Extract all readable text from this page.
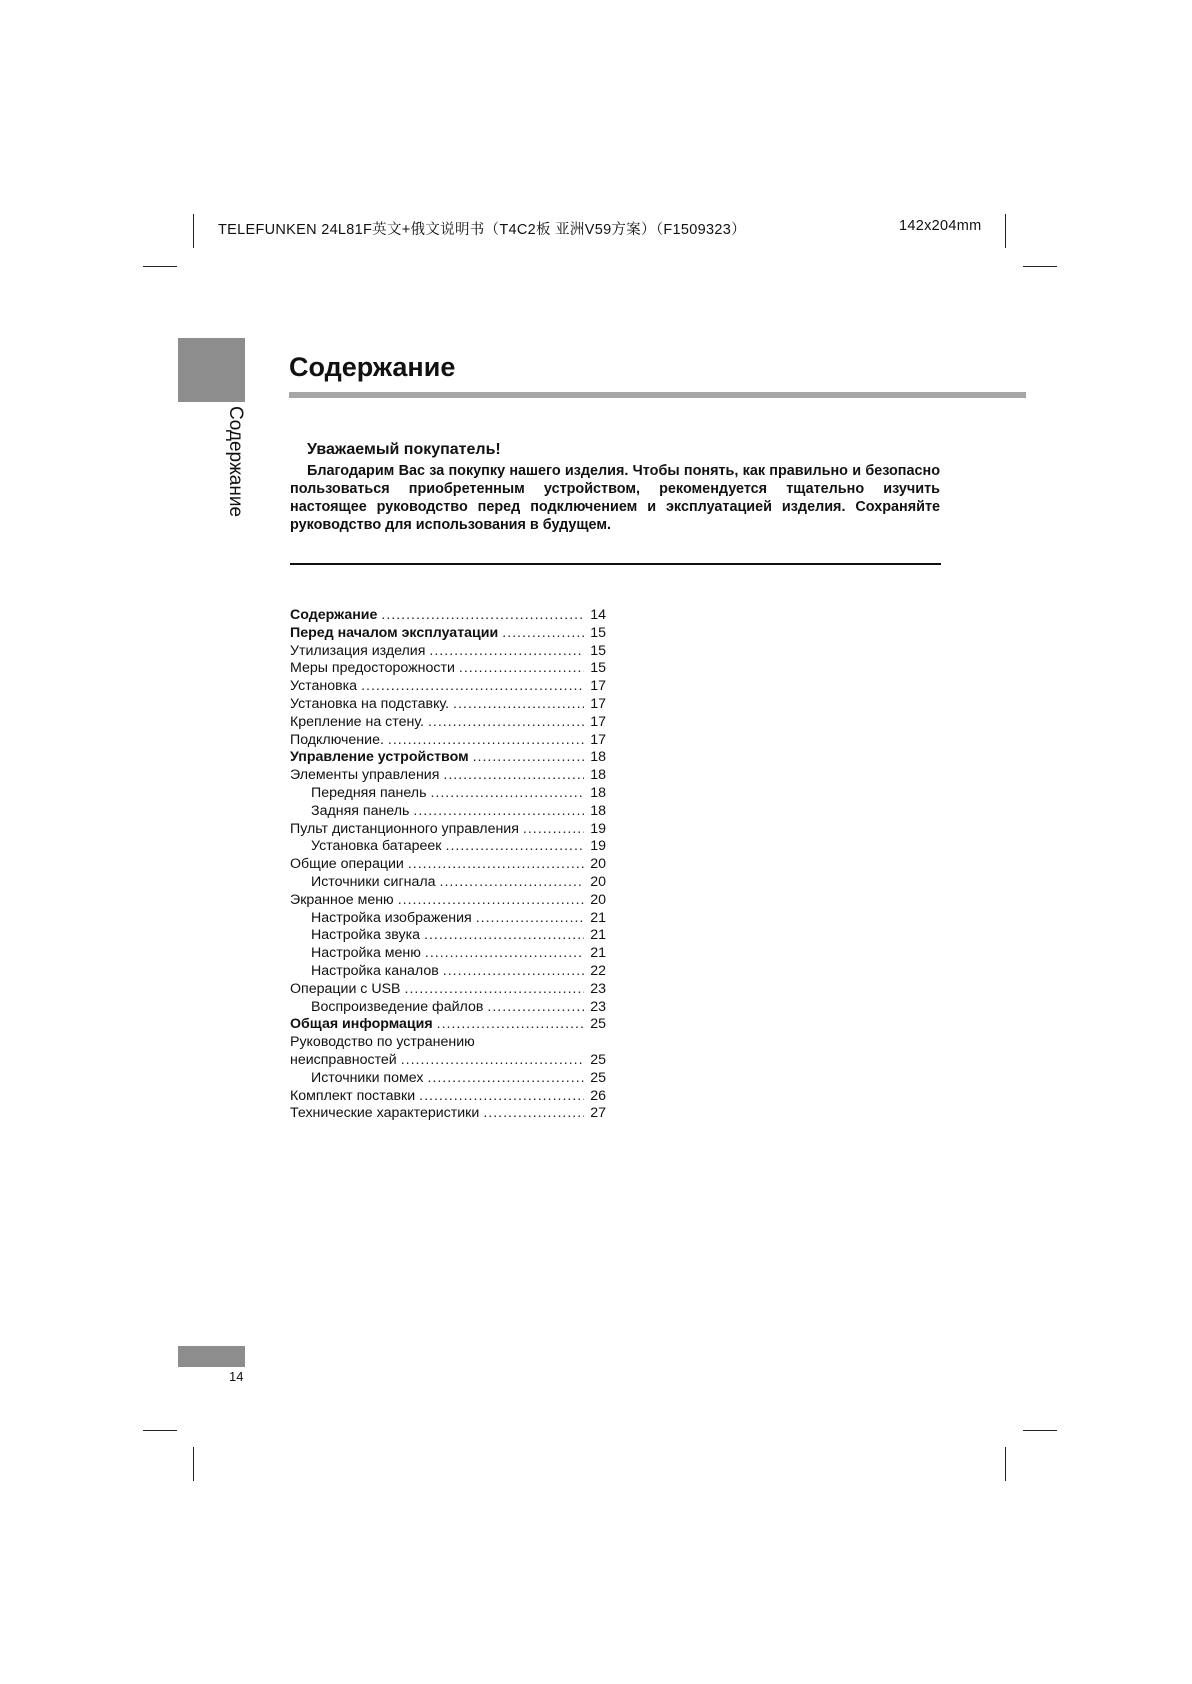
TELEFUNKEN 24L81F英文+俄文说明书（T4C2板 亚洲V59方案）（F1509323）	142x204mm
Содержание
Содержание
Уважаемый покупатель!
Благодарим Вас за покупку нашего изделия. Чтобы понять, как правильно и безопасно пользоваться приобретенным устройством, рекомендуется тщательно изучить настоящее руководство перед подключением и эксплуатацией изделия. Сохраняйте руководство для использования в будущем.
Содержание .....	14
Перед началом эксплуатации .....	15
Утилизация изделия .....	15
Меры предосторожности .....	15
Установка .....	17
Установка на подставку. .....	17
Крепление на стену. .....	17
Подключение. .....	17
Управление устройством .....	18
Элементы управления .....	18
Передняя панель .....	18
Задняя панель .....	18
Пульт дистанционного управления .....	19
Установка батареек .....	19
Общие операции .....	20
Источники сигнала .....	20
Экранное меню .....	20
Настройка изображения .....	21
Настройка звука .....	21
Настройка меню .....	21
Настройка каналов .....	22
Операции с USB .....	23
Воспроизведение файлов .....	23
Общая информация .....	25
Руководство по устранению
неисправностей .....	25
Источники помех .....	25
Комплект поставки .....	26
Технические характеристики .....	27
14
